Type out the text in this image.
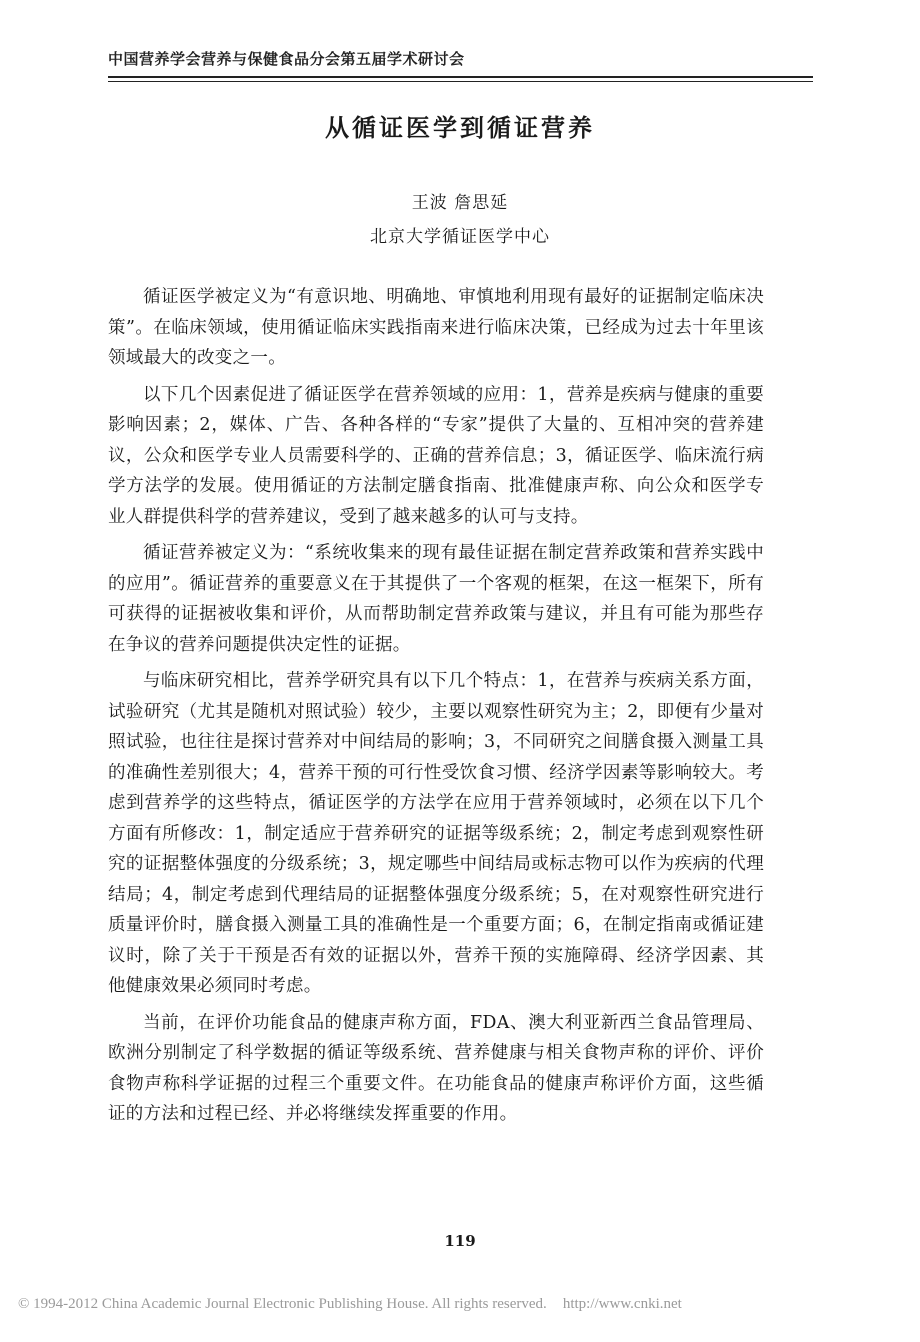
中国营养学会营养与保健食品分会第五届学术研讨会
从循证医学到循证营养
王波 詹思延
北京大学循证医学中心

循证医学被定义为“有意识地、明确地、审慎地利用现有最好的证据制定临床决策”。在临床领域，使用循证临床实践指南来进行临床决策，已经成为过去十年里该领域最大的改变之一。

以下几个因素促进了循证医学在营养领域的应用：1，营养是疾病与健康的重要影响因素；2，媒体、广告、各种各样的“专家”提供了大量的、互相冲突的营养建议，公众和医学专业人员需要科学的、正确的营养信息；3，循证医学、临床流行病学方法学的发展。使用循证的方法制定膳食指南、批准健康声称、向公众和医学专业人群提供科学的营养建议，受到了越来越多的认可与支持。

循证营养被定义为：“系统收集来的现有最佳证据在制定营养政策和营养实践中的应用”。循证营养的重要意义在于其提供了一个客观的框架，在这一框架下，所有可获得的证据被收集和评价，从而帮助制定营养政策与建议，并且有可能为那些存在争议的营养问题提供决定性的证据。

与临床研究相比，营养学研究具有以下几个特点：1，在营养与疾病关系方面，试验研究（尤其是随机对照试验）较少，主要以观察性研究为主；2，即便有少量对照试验，也往往是探讨营养对中间结局的影响；3，不同研究之间膳食摄入测量工具的准确性差别很大；4，营养干预的可行性受饮食习惯、经济学因素等影响较大。考虑到营养学的这些特点，循证医学的方法学在应用于营养领域时，必须在以下几个方面有所修改：1，制定适应于营养研究的证据等级系统；2，制定考虑到观察性研究的证据整体强度的分级系统；3，规定哪些中间结局或标志物可以作为疾病的代理结局；4，制定考虑到代理结局的证据整体强度分级系统；5，在对观察性研究进行质量评价时，膳食摄入测量工具的准确性是一个重要方面；6，在制定指南或循证建议时，除了关于干预是否有效的证据以外，营养干预的实施障碍、经济学因素、其他健康效果必须同时考虑。

当前，在评价功能食品的健康声称方面，FDA、澳大利亚新西兰食品管理局、欧洲分别制定了科学数据的循证等级系统、营养健康与相关食物声称的评价、评价食物声称科学证据的过程三个重要文件。在功能食品的健康声称评价方面，这些循证的方法和过程已经、并必将继续发挥重要的作用。

119
© 1994-2012 China Academic Journal Electronic Publishing House. All rights reserved. http://www.cnki.net
